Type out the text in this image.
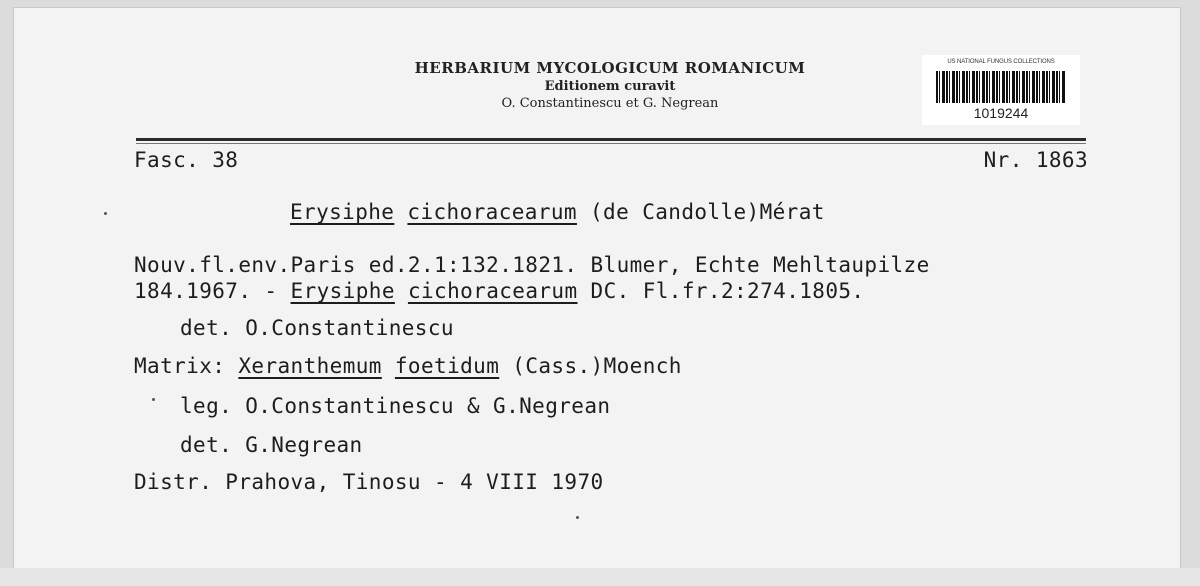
HERBARIUM MYCOLOGICUM ROMANICUM
Editionem curavit
O. Constantinescu et G. Negrean
US NATIONAL FUNGUS COLLECTIONS
1019244
Fasc. 38	Nr. 1863
Erysiphe cichoracearum (de Candolle)Mérat
Nouv.fl.env.Paris ed.2.1:132.1821. Blumer, Echte Mehltaupilze
184.1967. - Erysiphe cichoracearum DC. Fl.fr.2:274.1805.
det. O.Constantinescu
Matrix: Xeranthemum foetidum (Cass.)Moench
leg. O.Constantinescu & G.Negrean
det. G.Negrean
Distr. Prahova, Tinosu - 4 VIII 1970
